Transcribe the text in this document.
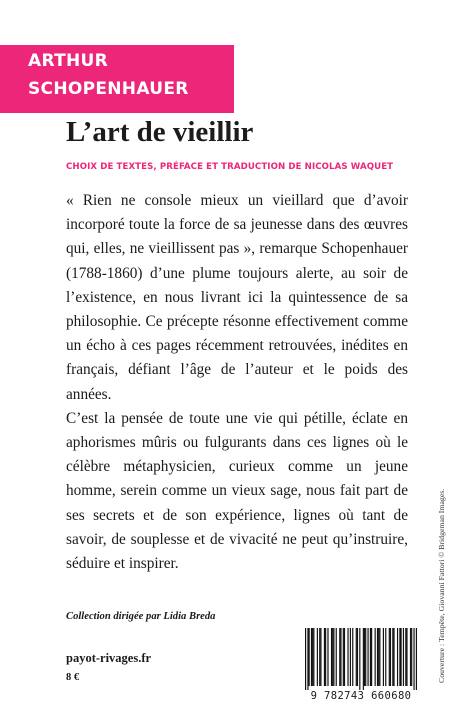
ARTHUR
SCHOPENHAUER
L’art de vieillir
CHOIX DE TEXTES, PRÉFACE ET TRADUCTION DE NICOLAS WAQUET

« Rien ne console mieux un vieillard que d’avoir incorporé toute la force de sa jeunesse dans des œuvres qui, elles, ne vieillissent pas », remarque Schopenhauer (1788-1860) d’une plume toujours alerte, au soir de l’existence, en nous livrant ici la quintessence de sa philosophie. Ce précepte résonne effectivement comme un écho à ces pages récemment retrouvées, inédites en français, défiant l’âge de l’auteur et le poids des années.

C’est la pensée de toute une vie qui pétille, éclate en aphorismes mûris ou fulgurants dans ces lignes où le célèbre métaphysicien, curieux comme un jeune homme, serein comme un vieux sage, nous fait part de ses secrets et de son expérience, lignes où tant de savoir, de souplesse et de vivacité ne peut qu’instruire, séduire et inspirer.

Collection dirigée par Lidia Breda
payot-rivages.fr
8 €
9 782743 660680
Couverture : Tempête, Giovanni Fattori © Bridgeman Images.
